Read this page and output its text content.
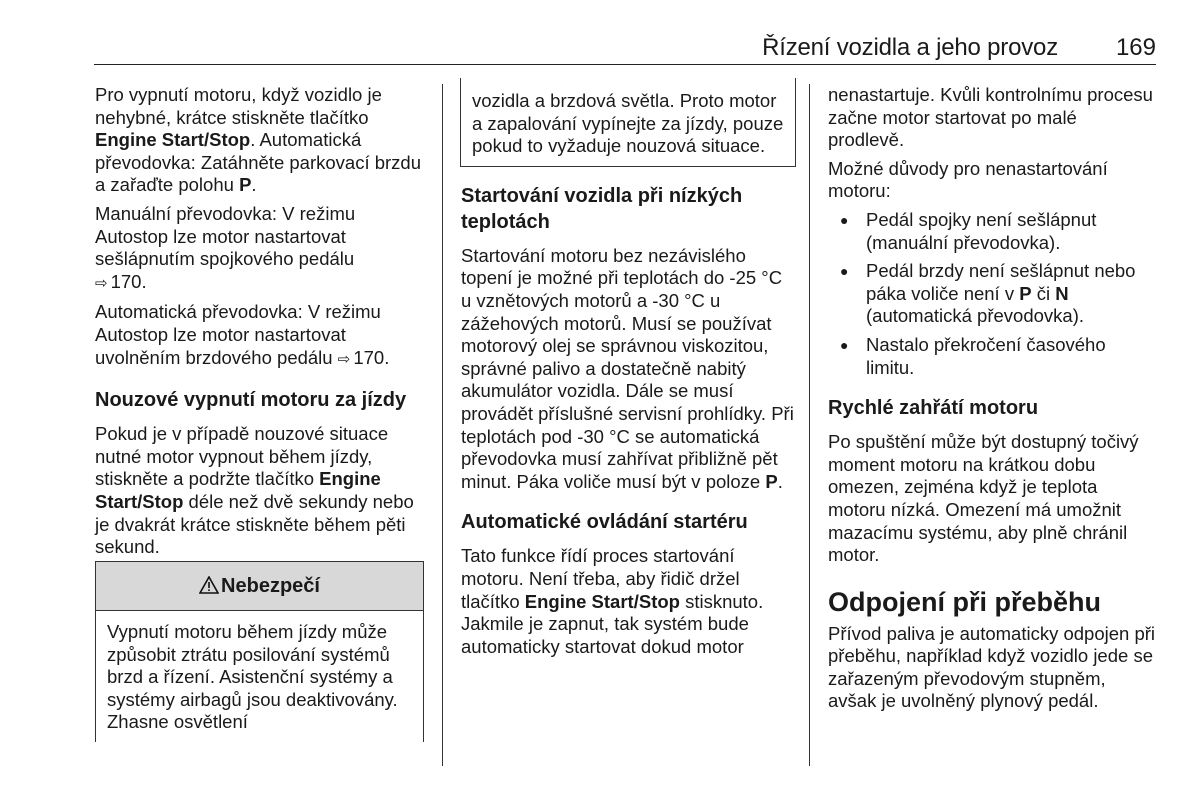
Řízení vozidla a jeho provoz 169

Pro vypnutí motoru, když vozidlo je nehybné, krátce stiskněte tlačítko Engine Start/Stop. Automatická převodovka: Zatáhněte parkovací brzdu a zařaďte polohu P.

Manuální převodovka: V režimu Autostop lze motor nastartovat sešlápnutím spojkového pedálu
⇨ 170.

Automatická převodovka: V režimu Autostop lze motor nastartovat uvolněním brzdového pedálu ⇨ 170.

Nouzové vypnutí motoru za jízdy

Pokud je v případě nouzové situace nutné motor vypnout během jízdy, stiskněte a podržte tlačítko Engine Start/Stop déle než dvě sekundy nebo je dvakrát krátce stiskněte během pěti sekund.

Nebezpečí
Vypnutí motoru během jízdy může způsobit ztrátu posilování systémů brzd a řízení. Asistenční systémy a systémy airbagů jsou deaktivovány. Zhasne osvětlení
vozidla a brzdová světla. Proto motor a zapalování vypínejte za jízdy, pouze pokud to vyžaduje nouzová situace.
Startování vozidla při nízkých teplotách

Startování motoru bez nezávislého topení je možné při teplotách do -25 °C u vznětových motorů a -30 °C u zážehových motorů. Musí se používat motorový olej se správnou viskozitou, správné palivo a dostatečně nabitý akumulátor vozidla. Dále se musí provádět příslušné servisní prohlídky. Při teplotách pod -30 °C se automatická převodovka musí zahřívat přibližně pět minut. Páka voliče musí být v poloze P.

Automatické ovládání startéru

Tato funkce řídí proces startování motoru. Není třeba, aby řidič držel tlačítko Engine Start/Stop stisknuto. Jakmile je zapnut, tak systém bude automaticky startovat dokud motor

nenastartuje. Kvůli kontrolnímu procesu začne motor startovat po malé prodlevě.

Možné důvody pro nenastartování motoru:

● Pedál spojky není sešlápnut (manuální převodovka).
● Pedál brzdy není sešlápnut nebo páka voliče není v P či N (automatická převodovka).
● Nastalo překročení časového limitu.
Rychlé zahřátí motoru

Po spuštění může být dostupný točivý moment motoru na krátkou dobu omezen, zejména když je teplota motoru nízká. Omezení má umožnit mazacímu systému, aby plně chránil motor.

Odpojení při přeběhu

Přívod paliva je automaticky odpojen při přeběhu, například když vozidlo jede se zařazeným převodovým stupněm, avšak je uvolněný plynový pedál.
